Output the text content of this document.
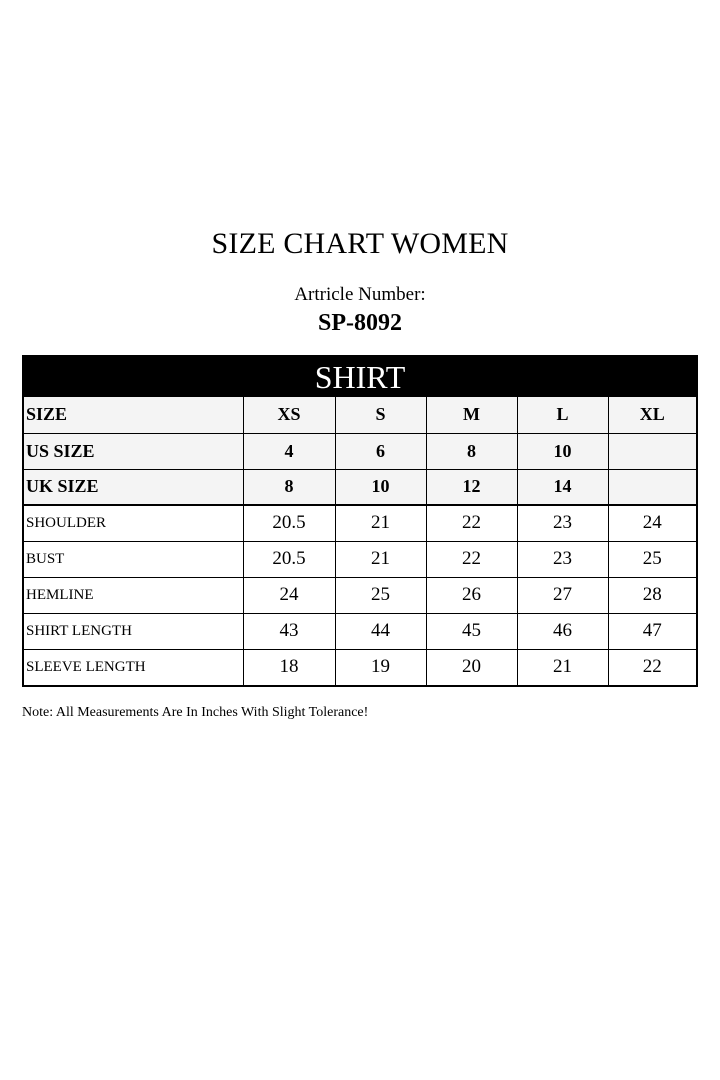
SIZE CHART WOMEN
Artricle Number:
SP-8092
SHIRT
SIZE	XS	S	M	L	XL
US SIZE	4	6	8	10	
UK SIZE	8	10	12	14	
SHOULDER	20.5	21	22	23	24
BUST	20.5	21	22	23	25
HEMLINE	24	25	26	27	28
SHIRT LENGTH	43	44	45	46	47
SLEEVE LENGTH	18	19	20	21	22
Note: All Measurements Are In Inches With Slight Tolerance!
